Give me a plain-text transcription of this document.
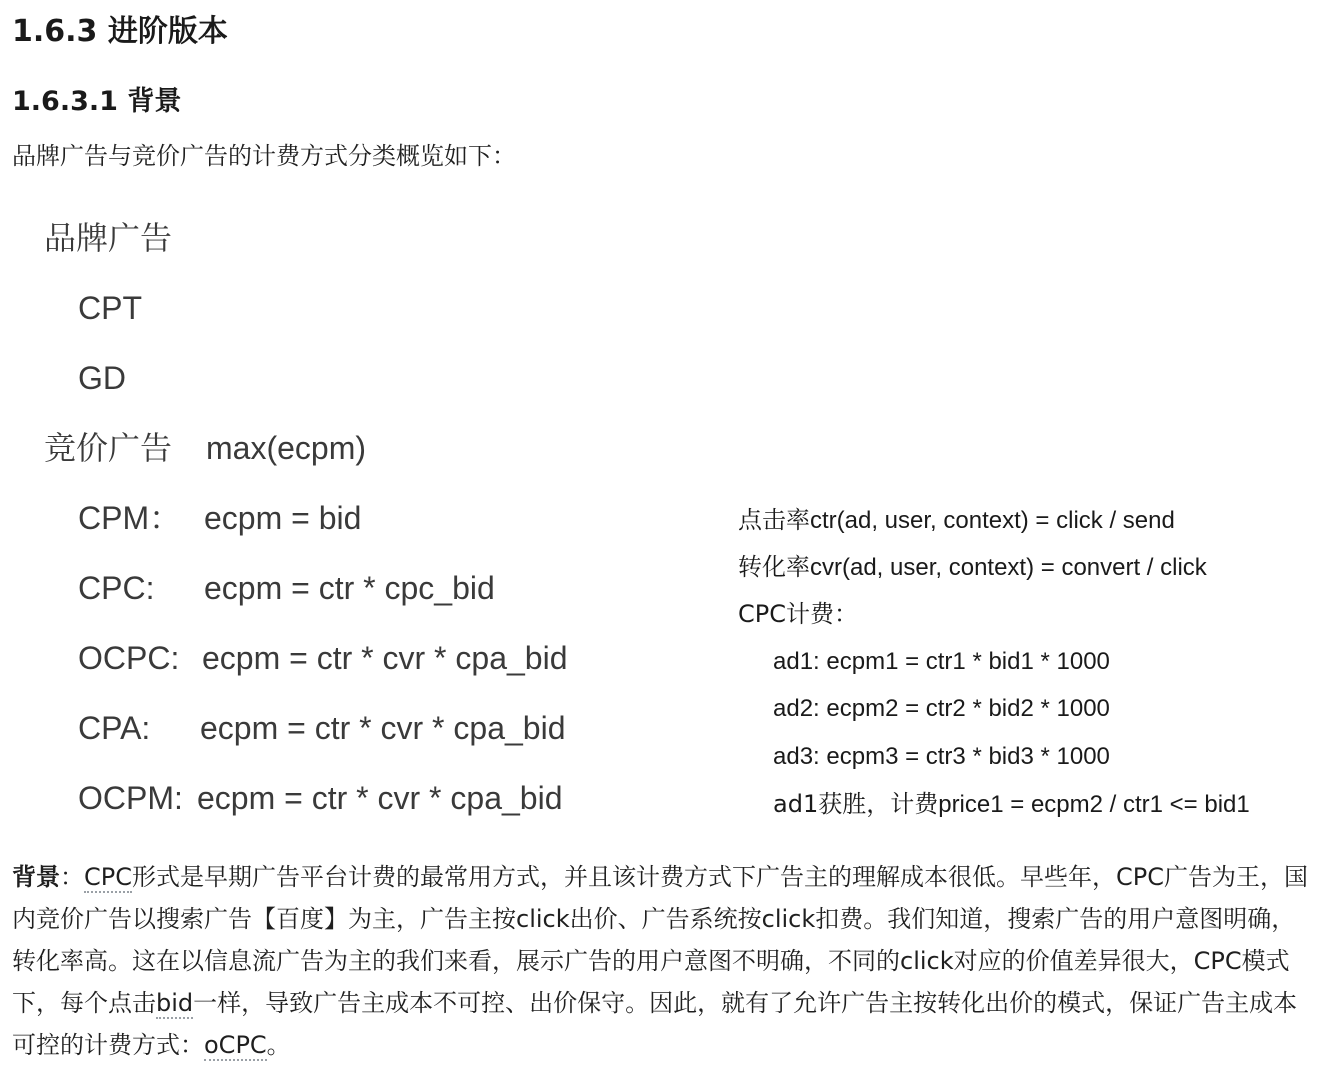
1.6.3 进阶版本
1.6.3.1 背景

品牌广告与竞价广告的计费方式分类概览如下：

品牌广告
CPT
GD
竞价广告 max(ecpm)
CPM： ecpm = bid
CPC: ecpm = ctr * cpc_bid
OCPC: ecpm = ctr * cvr * cpa_bid
CPA: ecpm = ctr * cvr * cpa_bid
OCPM: ecpm = ctr * cvr * cpa_bid
点击率ctr(ad, user, context) = click / send
转化率cvr(ad, user, context) = convert / click
CPC计费：
ad1: ecpm1 = ctr1 * bid1 * 1000
ad2: ecpm2 = ctr2 * bid2 * 1000
ad3: ecpm3 = ctr3 * bid3 * 1000
ad1获胜，计费price1 = ecpm2 / ctr1 <= bid1

背景：CPC形式是早期广告平台计费的最常用方式，并且该计费方式下广告主的理解成本很低。早些年，CPC广告为王，国内竞价广告以搜索广告【百度】为主，广告主按click出价、广告系统按click扣费。我们知道，搜索广告的用户意图明确，转化率高。这在以信息流广告为主的我们来看，展示广告的用户意图不明确，不同的click对应的价值差异很大，CPC模式下，每个点击bid一样，导致广告主成本不可控、出价保守。因此，就有了允许广告主按转化出价的模式，保证广告主成本可控的计费方式：oCPC。
